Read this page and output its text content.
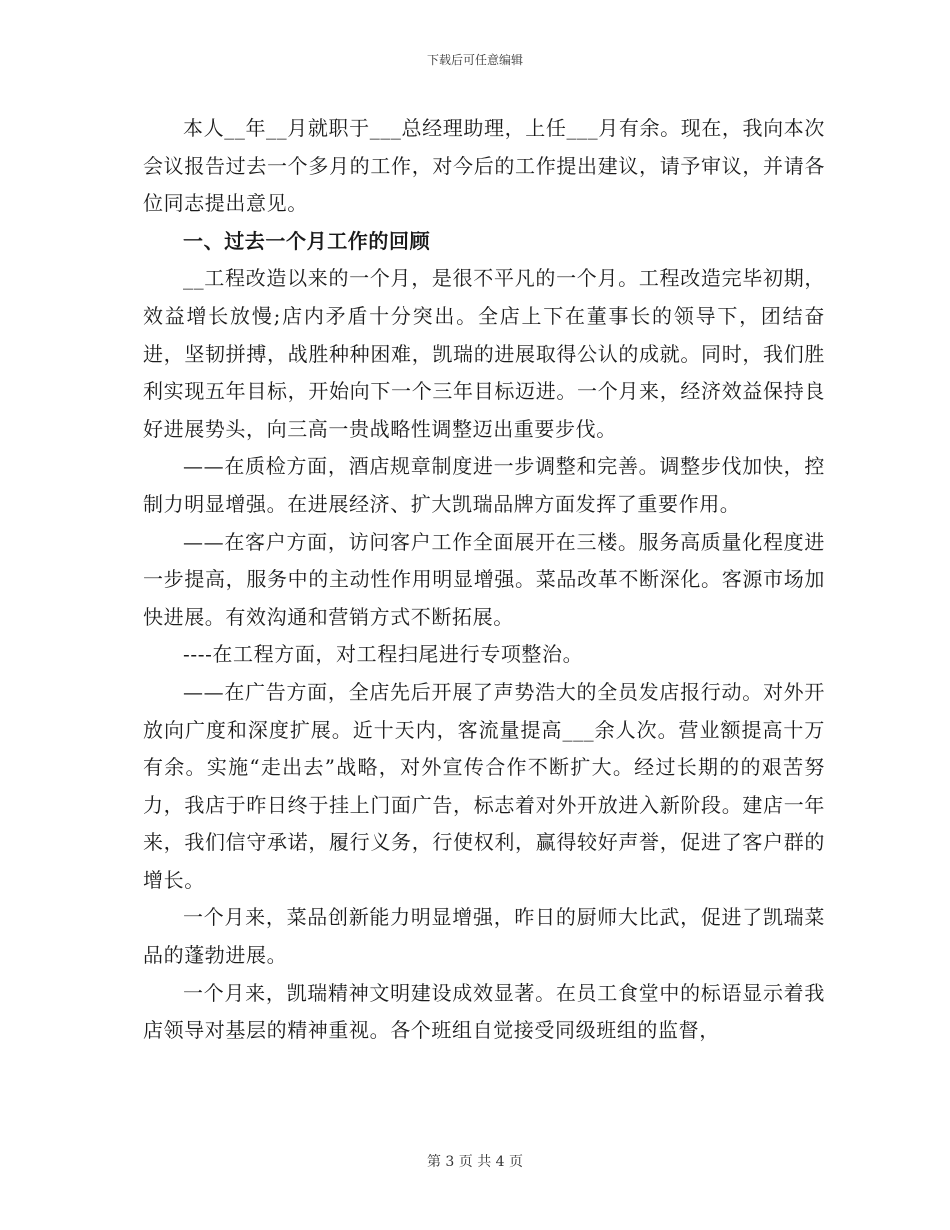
下载后可任意编辑

本人__年__月就职于___总经理助理，上任___月有余。现在，我向本次会议报告过去一个多月的工作，对今后的工作提出建议，请予审议，并请各位同志提出意见。

一、过去一个月工作的回顾

__工程改造以来的一个月，是很不平凡的一个月。工程改造完毕初期，效益增长放慢;店内矛盾十分突出。全店上下在董事长的领导下，团结奋进，坚韧拼搏，战胜种种困难，凯瑞的进展取得公认的成就。同时，我们胜利实现五年目标，开始向下一个三年目标迈进。一个月来，经济效益保持良好进展势头，向三高一贵战略性调整迈出重要步伐。

——在质检方面，酒店规章制度进一步调整和完善。调整步伐加快，控制力明显增强。在进展经济、扩大凯瑞品牌方面发挥了重要作用。

——在客户方面，访问客户工作全面展开在三楼。服务高质量化程度进一步提高，服务中的主动性作用明显增强。菜品改革不断深化。客源市场加快进展。有效沟通和营销方式不断拓展。

----在工程方面，对工程扫尾进行专项整治。

——在广告方面，全店先后开展了声势浩大的全员发店报行动。对外开放向广度和深度扩展。近十天内，客流量提高___余人次。营业额提高十万有余。实施“走出去”战略，对外宣传合作不断扩大。经过长期的的艰苦努力，我店于昨日终于挂上门面广告，标志着对外开放进入新阶段。建店一年来，我们信守承诺，履行义务，行使权利，赢得较好声誉，促进了客户群的增长。

一个月来，菜品创新能力明显增强，昨日的厨师大比武，促进了凯瑞菜品的蓬勃进展。

一个月来，凯瑞精神文明建设成效显著。在员工食堂中的标语显示着我店领导对基层的精神重视。各个班组自觉接受同级班组的监督，

第 3 页 共 4 页
